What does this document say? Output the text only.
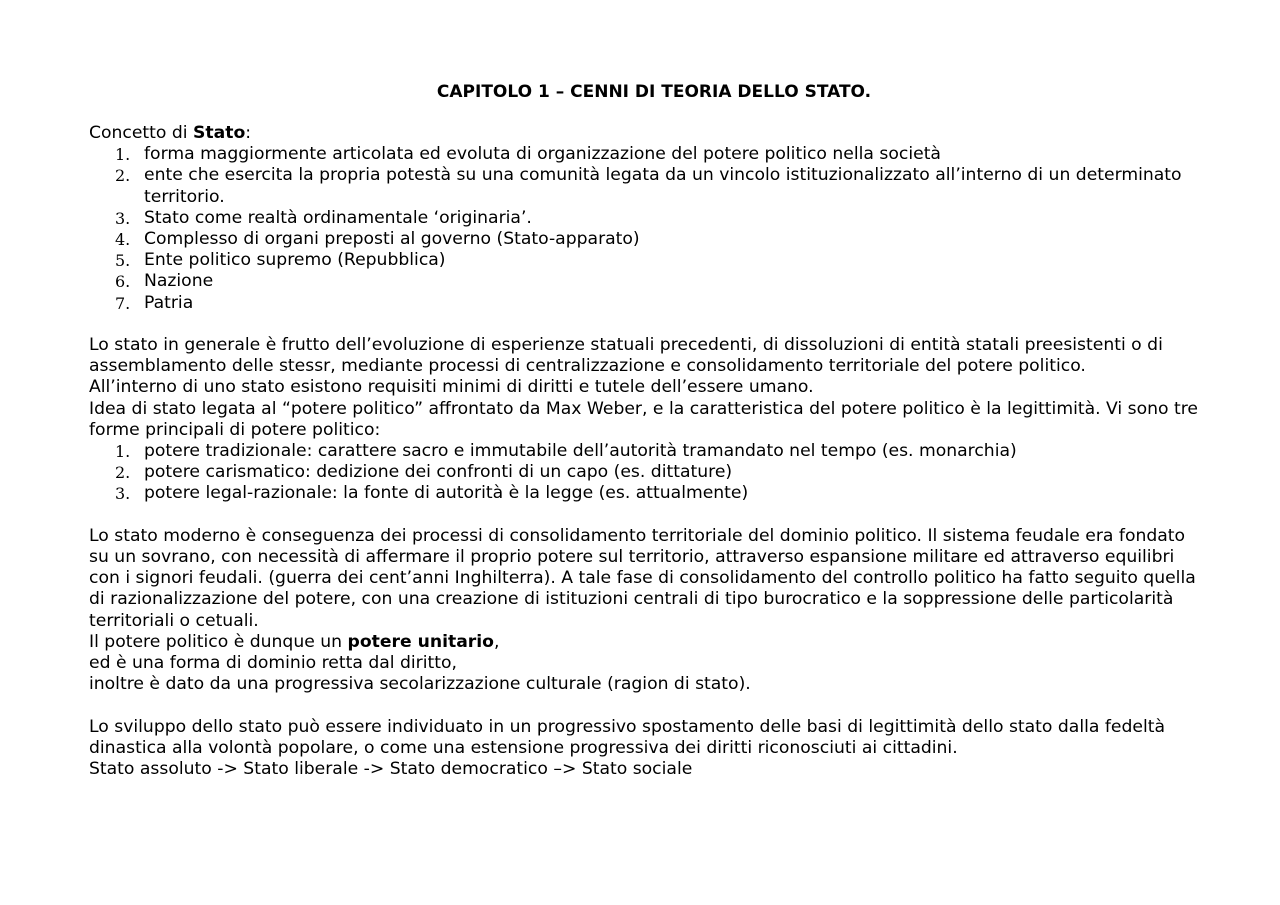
CAPITOLO 1 – CENNI DI TEORIA DELLO STATO.

Concetto di Stato:

1. forma maggiormente articolata ed evoluta di organizzazione del potere politico nella società
2. ente che esercita la propria potestà su una comunità legata da un vincolo istituzionalizzato all’interno di un determinato territorio.
3. Stato come realtà ordinamentale ‘originaria’.
4. Complesso di organi preposti al governo (Stato-apparato)
5. Ente politico supremo (Repubblica)
6. Nazione
7. Patria

Lo stato in generale è frutto dell’evoluzione di esperienze statuali precedenti, di dissoluzioni di entità statali preesistenti o di assemblamento delle stessr, mediante processi di centralizzazione e consolidamento territoriale del potere politico.

All’interno di uno stato esistono requisiti minimi di diritti e tutele dell’essere umano.

Idea di stato legata al “potere politico” affrontato da Max Weber, e la caratteristica del potere politico è la legittimità. Vi sono tre forme principali di potere politico:

1. potere tradizionale: carattere sacro e immutabile dell’autorità tramandato nel tempo (es. monarchia)
2. potere carismatico: dedizione dei confronti di un capo (es. dittature)
3. potere legal-razionale: la fonte di autorità è la legge (es. attualmente)

Lo stato moderno è conseguenza dei processi di consolidamento territoriale del dominio politico. Il sistema feudale era fondato su un sovrano, con necessità di affermare il proprio potere sul territorio, attraverso espansione militare ed attraverso equilibri con i signori feudali. (guerra dei cent’anni Inghilterra). A tale fase di consolidamento del controllo politico ha fatto seguito quella di razionalizzazione del potere, con una creazione di istituzioni centrali di tipo burocratico e la soppressione delle particolarità territoriali o cetuali.

Il potere politico è dunque un potere unitario,

ed è una forma di dominio retta dal diritto,

inoltre è dato da una progressiva secolarizzazione culturale (ragion di stato).

Lo sviluppo dello stato può essere individuato in un progressivo spostamento delle basi di legittimità dello stato dalla fedeltà dinastica alla volontà popolare, o come una estensione progressiva dei diritti riconosciuti ai cittadini.

Stato assoluto -> Stato liberale -> Stato democratico –> Stato sociale
